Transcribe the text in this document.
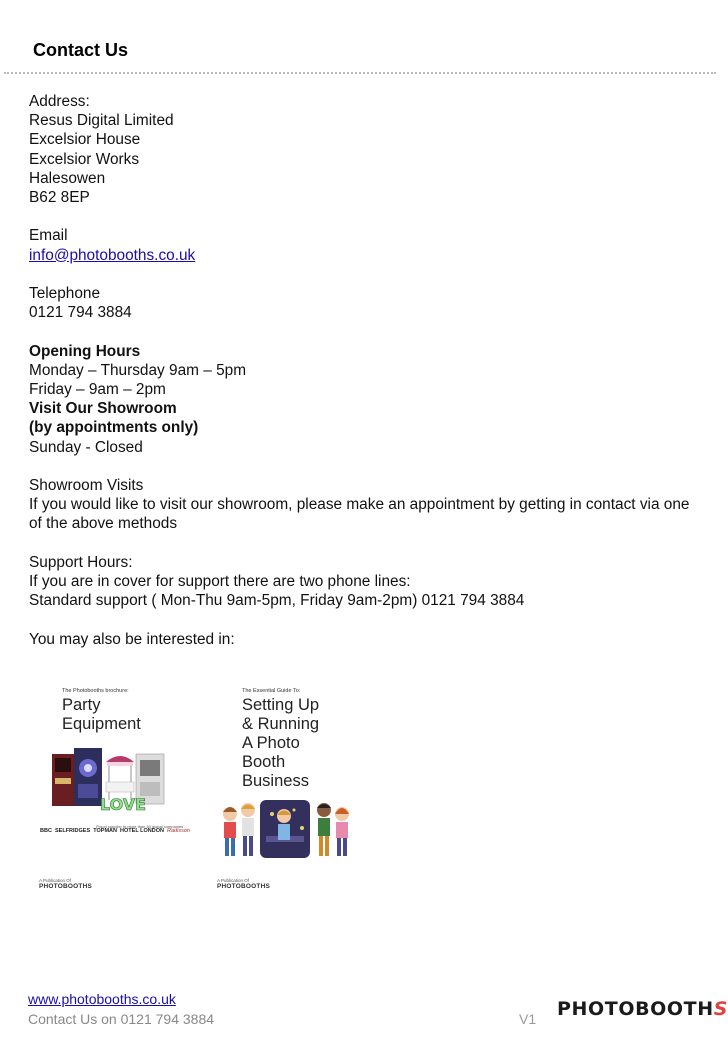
Contact Us
Address:
Resus Digital Limited
Excelsior House
Excelsior Works
Halesowen
B62 8EP
Email
info@photobooths.co.uk
Telephone
0121 794 3884
Opening Hours
Monday – Thursday 9am – 5pm
Friday – 9am – 2pm
Visit Our Showroom
(by appointments only)
Sunday - Closed
Showroom Visits
If you would like to visit our showroom, please make an appointment by getting in contact via one of the above methods
Support Hours:
If you are in cover for support there are two phone lines:
Standard support ( Mon-Thu 9am-5pm, Friday 9am-2pm) 0121 794 3884
You may also be interested in:
The Photobooths brochure:
Party
Equipment
LOVE
Proud supplier to more than 50 global companies
BBC SELFRIDGES TOPMAN HOTEL LONDON Radisson
A Publication Of
PHOTOBOOTHS
The Essential Guide To:
Setting Up
& Running
A Photo
Booth
Business
A Publication Of
PHOTOBOOTHS
www.photobooths.co.uk
Contact Us on 0121 794 3884	V1 PHOTOBOOTHS
